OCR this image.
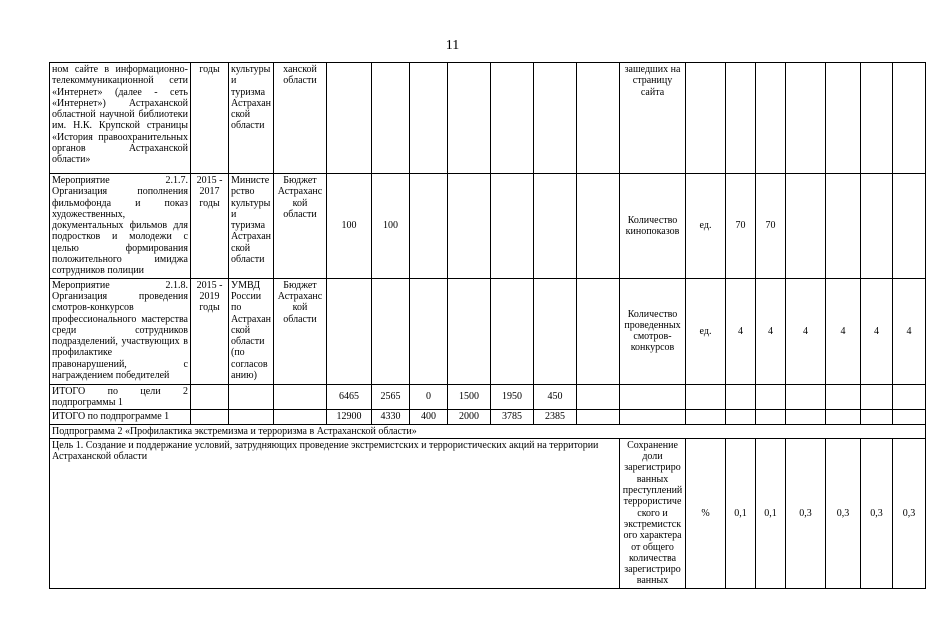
11
ном сайте в информационно-телекоммуникационной сети «Интернет» (далее - сеть «Интернет») Астраханской областной научной библиотеки им. Н.К. Крупской страницы «История правоохранительных органов Астраханской области»	годы	культуры и туризма Астраханской области	ханской области								зашедших на страницу сайта							
Мероприятие 2.1.7. Организация пополнения фильмофонда и показ художественных, документальных фильмов для подростков и молодежи с целью формирования положительного имиджа сотрудников полиции	2015 - 2017 годы	Министерство культуры и туризма Астраханской области	Бюджет Астраханской области	100	100						Количество кинопоказов	ед.	70	70				
Мероприятие 2.1.8. Организация проведения смотров-конкурсов профессионального мастерства среди сотрудников подразделений, участвующих в профилактике правонарушений, с награждением победителей	2015 - 2019 годы	УМВД России по Астраханской области (по согласованию)	Бюджет Астраханской области								Количество проведенных смотров-конкурсов	ед.	4	4	4	4	4	4
ИТОГО по цели 2 подпрограммы 1				6465	2565	0	1500	1950	450									
ИТОГО по подпрограмме 1				12900	4330	400	2000	3785	2385									
Подпрограмма 2 «Профилактика экстремизма и терроризма в Астраханской области»																		
Цель 1. Создание и поддержание условий, затрудняющих проведение экстремистских и террористических акций на территории Астраханской области											Сохранение доли зарегистрированных преступлений террористического и экстремистского характера от общего количества зарегистрированных	%	0,1	0,1	0,3	0,3	0,3	0,3
